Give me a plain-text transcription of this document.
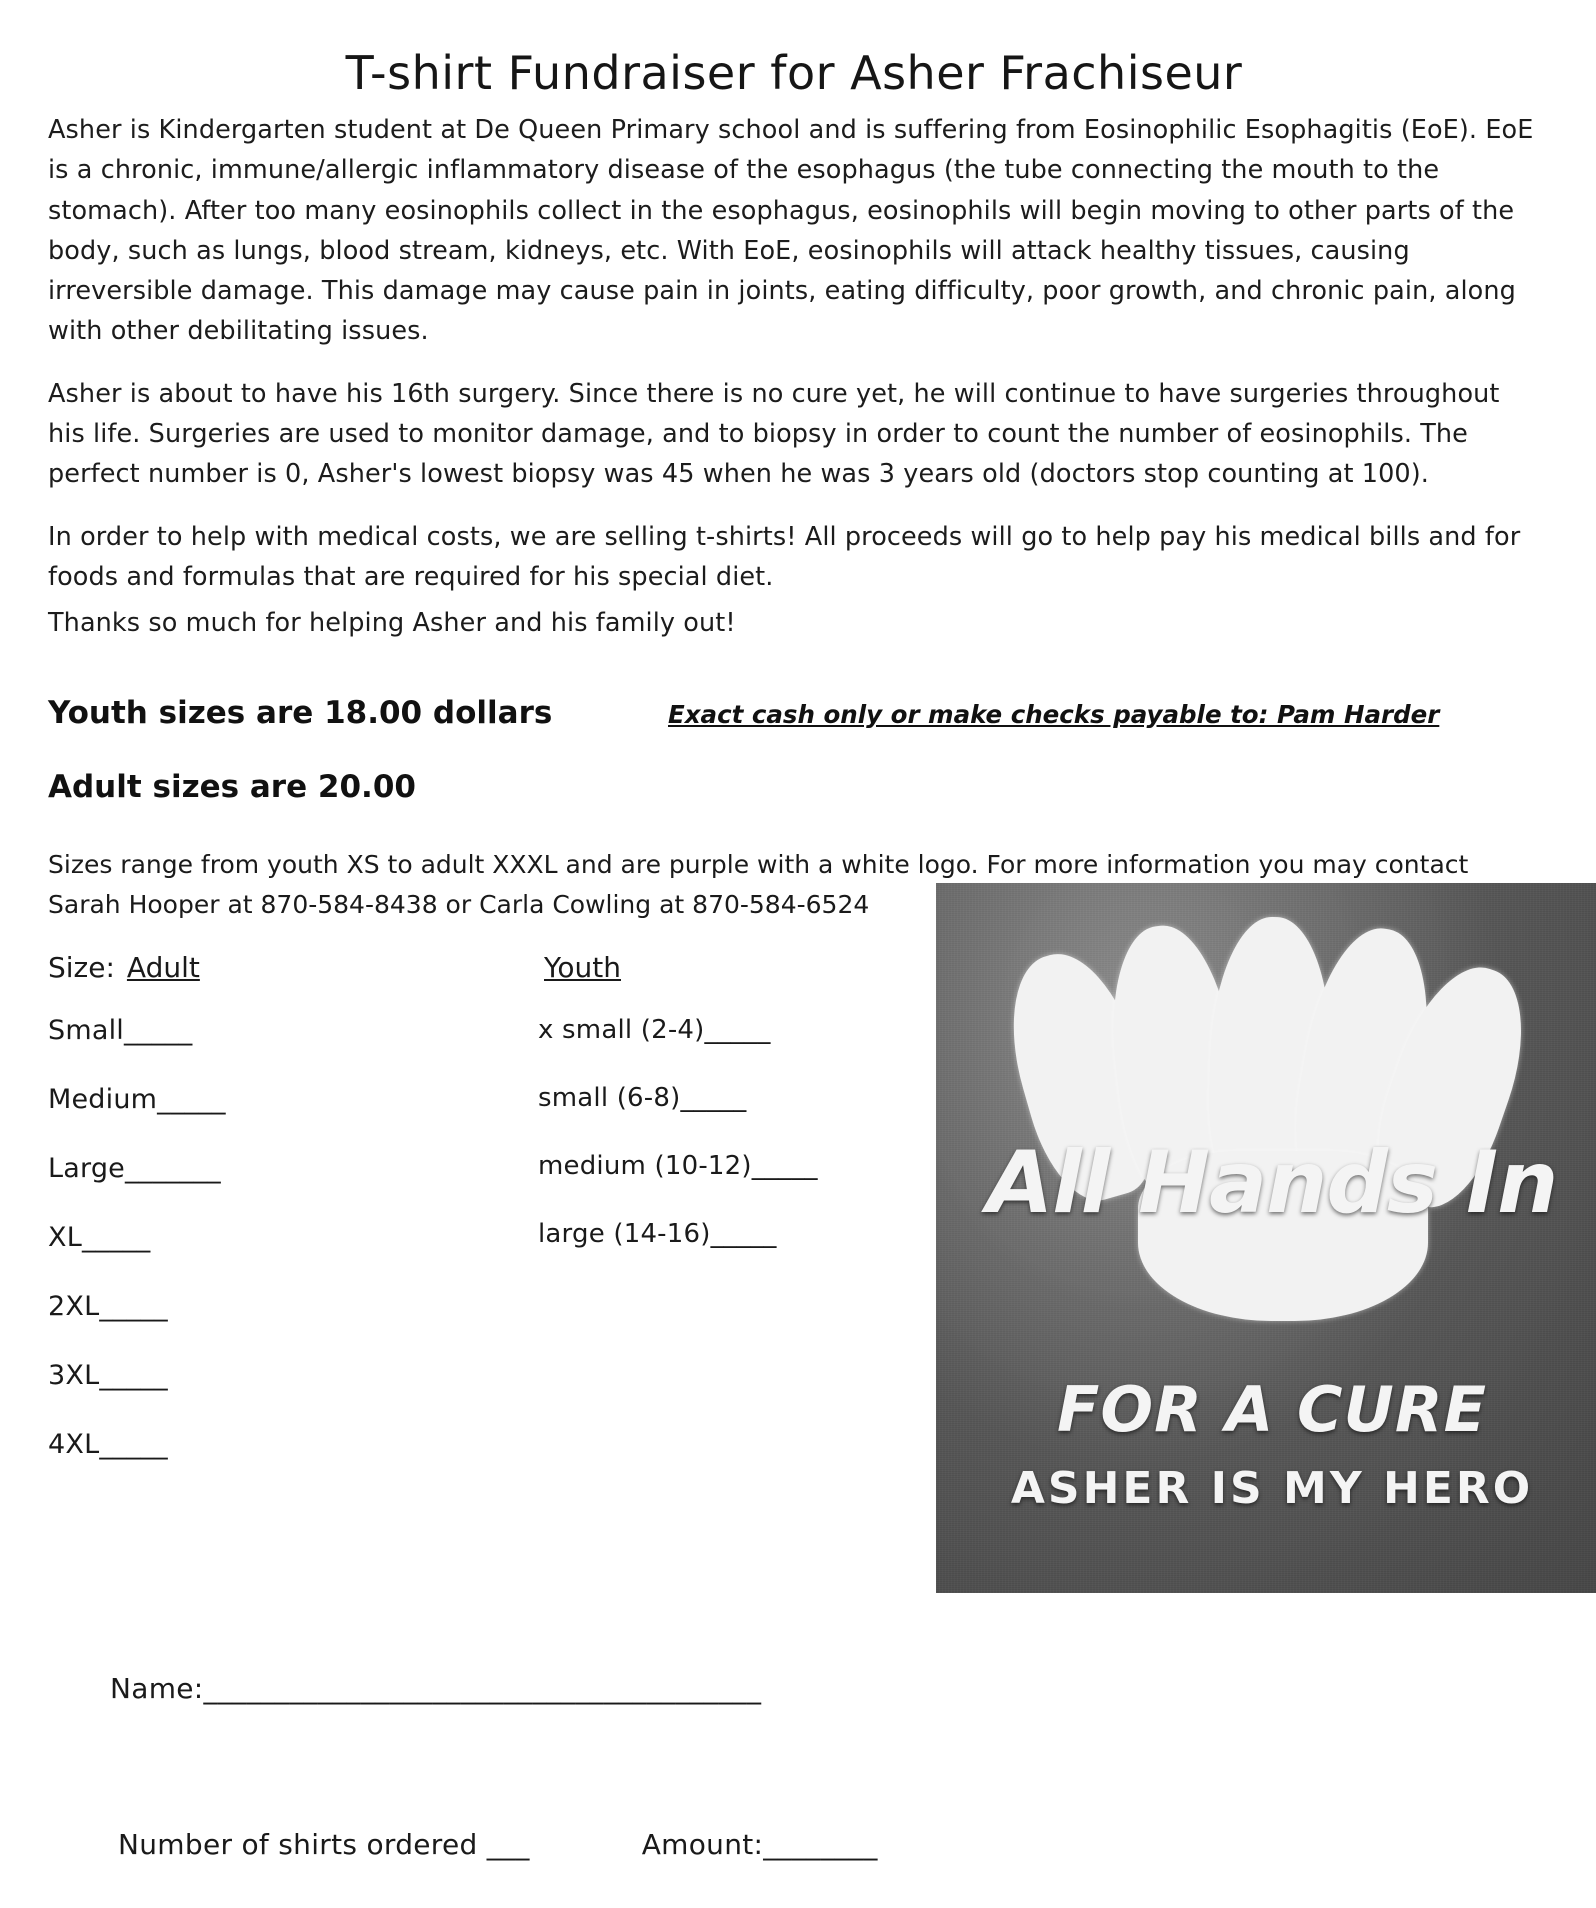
T-shirt Fundraiser for Asher Frachiseur

Asher is Kindergarten student at De Queen Primary school and is suffering from Eosinophilic Esophagitis (EoE). EoE is a chronic, immune/allergic inflammatory disease of the esophagus (the tube connecting the mouth to the stomach). After too many eosinophils collect in the esophagus, eosinophils will begin moving to other parts of the body, such as lungs, blood stream, kidneys, etc. With EoE, eosinophils will attack healthy tissues, causing irreversible damage. This damage may cause pain in joints, eating difficulty, poor growth, and chronic pain, along with other debilitating issues.

Asher is about to have his 16th surgery. Since there is no cure yet, he will continue to have surgeries throughout his life. Surgeries are used to monitor damage, and to biopsy in order to count the number of eosinophils. The perfect number is 0, Asher's lowest biopsy was 45 when he was 3 years old (doctors stop counting at 100).

In order to help with medical costs, we are selling t-shirts! All proceeds will go to help pay his medical bills and for foods and formulas that are required for his special diet.

Thanks so much for helping Asher and his family out!

Youth sizes are 18.00 dollars	Exact cash only or make checks payable to: Pam Harder
Adult sizes are 20.00

Sizes range from youth XS to adult XXXL and are purple with a white logo. For more information you may contact Sarah Hooper at 870-584-8438 or Carla Cowling at 870-584-6524

Size: Adult
Small_____
Medium_____
Large_______
XL_____
2XL_____
3XL_____
4XL_____
Youth
x small (2-4)_____
small (6-8)_____
medium (10-12)_____
large (14-16)_____
All Hands In
FOR A CURE
ASHER IS MY HERO
Name:_______________________________________
Number of shirts ordered ___	Amount:________
